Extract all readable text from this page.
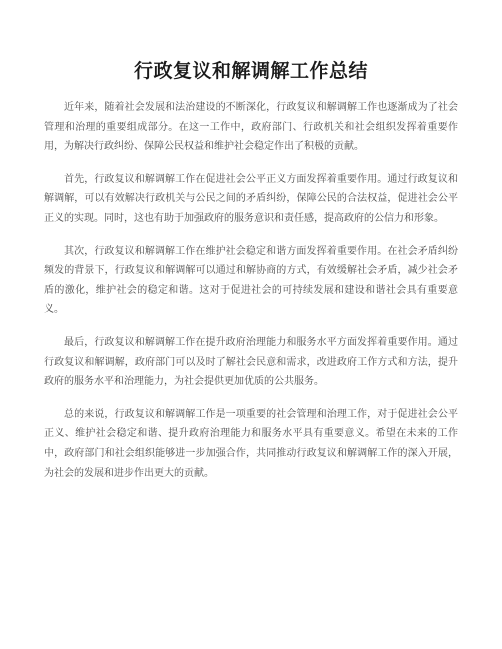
行政复议和解调解工作总结

近年来，随着社会发展和法治建设的不断深化，行政复议和解调解工作也逐渐成为了社会管理和治理的重要组成部分。在这一工作中，政府部门、行政机关和社会组织发挥着重要作用，为解决行政纠纷、保障公民权益和维护社会稳定作出了积极的贡献。

首先，行政复议和解调解工作在促进社会公平正义方面发挥着重要作用。通过行政复议和解调解，可以有效解决行政机关与公民之间的矛盾纠纷，保障公民的合法权益，促进社会公平正义的实现。同时，这也有助于加强政府的服务意识和责任感，提高政府的公信力和形象。

其次，行政复议和解调解工作在维护社会稳定和谐方面发挥着重要作用。在社会矛盾纠纷频发的背景下，行政复议和解调解可以通过和解协商的方式，有效缓解社会矛盾，减少社会矛盾的激化，维护社会的稳定和谐。这对于促进社会的可持续发展和建设和谐社会具有重要意义。

最后，行政复议和解调解工作在提升政府治理能力和服务水平方面发挥着重要作用。通过行政复议和解调解，政府部门可以及时了解社会民意和需求，改进政府工作方式和方法，提升政府的服务水平和治理能力，为社会提供更加优质的公共服务。

总的来说，行政复议和解调解工作是一项重要的社会管理和治理工作，对于促进社会公平正义、维护社会稳定和谐、提升政府治理能力和服务水平具有重要意义。希望在未来的工作中，政府部门和社会组织能够进一步加强合作，共同推动行政复议和解调解工作的深入开展，为社会的发展和进步作出更大的贡献。
